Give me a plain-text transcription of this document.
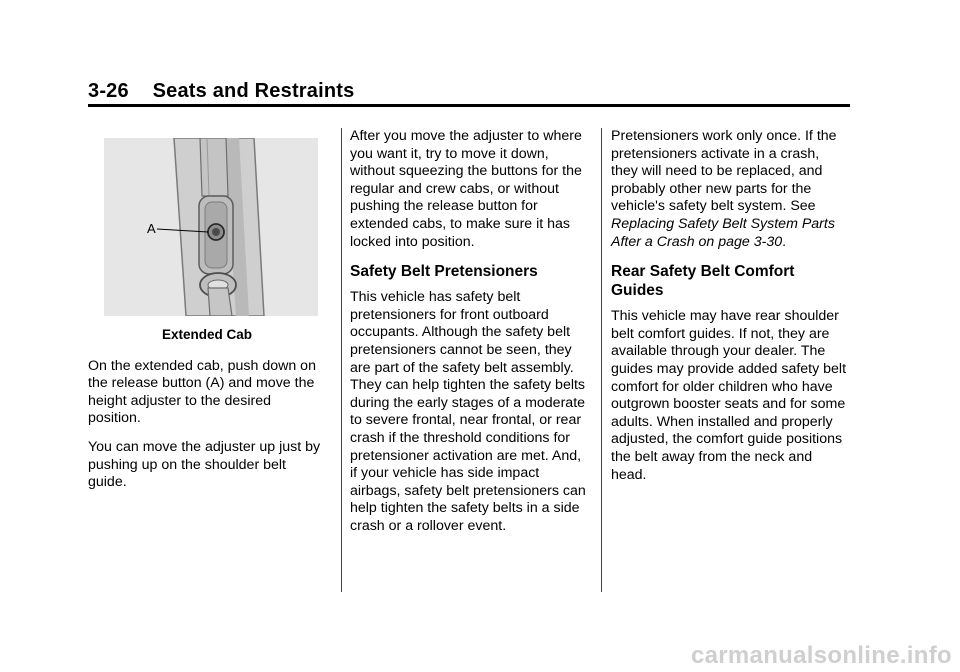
3-26 Seats and Restraints
A
Extended Cab

On the extended cab, push down on the release button (A) and move the height adjuster to the desired position.

You can move the adjuster up just by pushing up on the shoulder belt guide.

After you move the adjuster to where you want it, try to move it down, without squeezing the buttons for the regular and crew cabs, or without pushing the release button for extended cabs, to make sure it has locked into position.

Safety Belt Pretensioners

This vehicle has safety belt pretensioners for front outboard occupants. Although the safety belt pretensioners cannot be seen, they are part of the safety belt assembly. They can help tighten the safety belts during the early stages of a moderate to severe frontal, near frontal, or rear crash if the threshold conditions for pretensioner activation are met. And, if your vehicle has side impact airbags, safety belt pretensioners can help tighten the safety belts in a side crash or a rollover event.

Pretensioners work only once. If the pretensioners activate in a crash, they will need to be replaced, and probably other new parts for the vehicle's safety belt system. See Replacing Safety Belt System Parts After a Crash on page 3-30.

Rear Safety Belt Comfort Guides

This vehicle may have rear shoulder belt comfort guides. If not, they are available through your dealer. The guides may provide added safety belt comfort for older children who have outgrown booster seats and for some adults. When installed and properly adjusted, the comfort guide positions the belt away from the neck and head.

carmanualsonline.info
